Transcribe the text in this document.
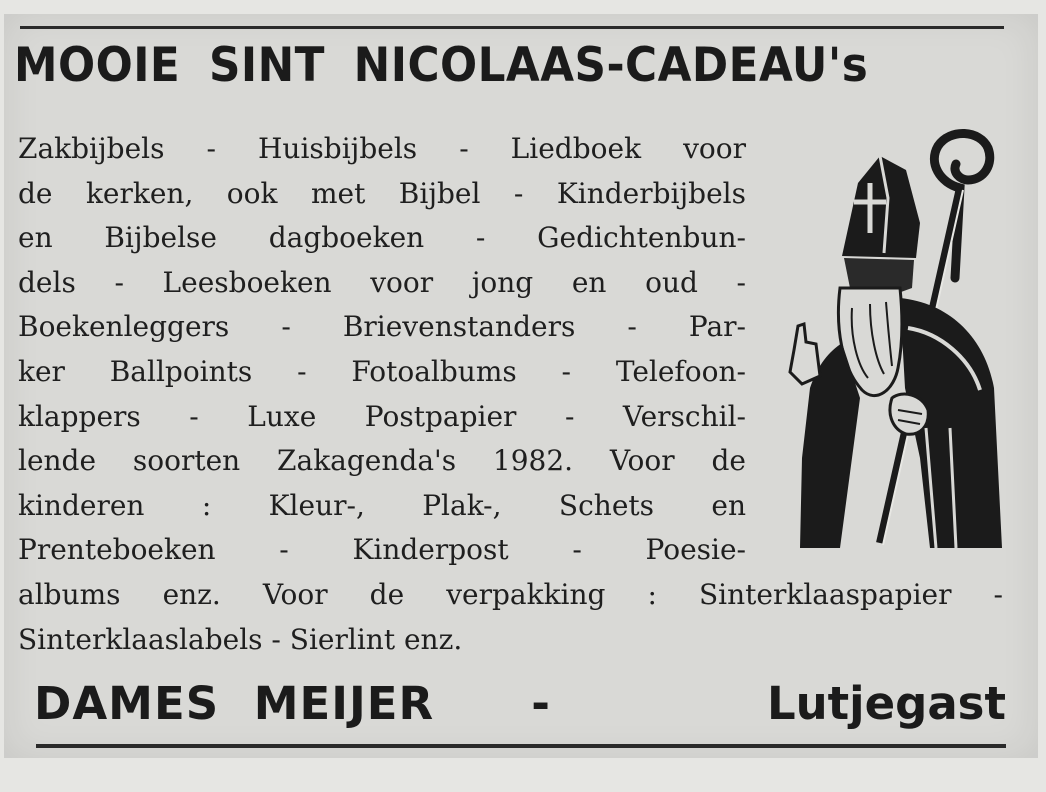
MOOIE SINT NICOLAAS-CADEAU's
Zakbijbels - Huisbijbels - Liedboek voor
de kerken, ook met Bijbel - Kinderbijbels
en Bijbelse dagboeken - Gedichtenbun-
dels - Leesboeken voor jong en oud -
Boekenleggers - Brievenstanders - Par-
ker Ballpoints - Fotoalbums - Telefoon-
klappers - Luxe Postpapier - Verschil-
lende soorten Zakagenda's 1982. Voor de
kinderen : Kleur-, Plak-, Schets en
Prenteboeken - Kinderpost - Poesie-
albums enz. Voor de verpakking : Sinterklaaspapier -
Sinterklaaslabels - Sierlint enz.
DAMES MEIJER -	Lutjegast
